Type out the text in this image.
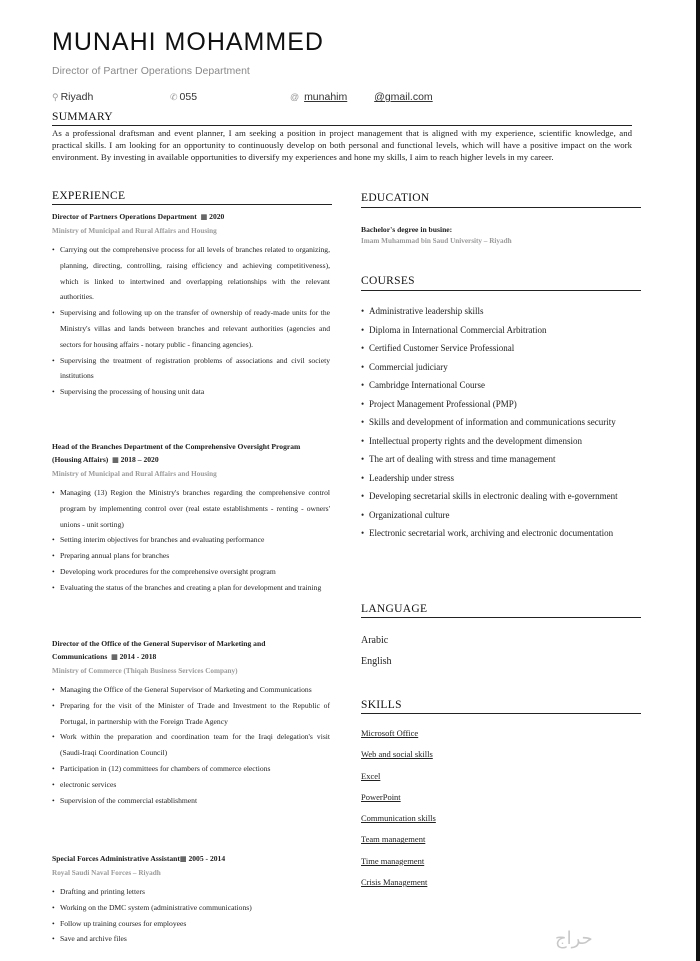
MUNAHI MOHAMMED
Director of Partner Operations Department
⚲ Riyadh	✆ 055	@ munahim	@gmail.com
SUMMARY
As a professional draftsman and event planner, I am seeking a position in project management that is aligned with my experience, scientific knowledge, and practical skills. I am looking for an opportunity to continuously develop on both personal and functional levels, which will have a positive impact on the work environment. By investing in available opportunities to diversify my experiences and hone my skills, I aim to reach higher levels in my career.
EXPERIENCE
Director of Partners Operations Department ▦ 2020
Ministry of Municipal and Rural Affairs and Housing
• Carrying out the comprehensive process for all levels of branches related to organizing, planning, directing, controlling, raising efficiency and achieving competitiveness), which is linked to intertwined and overlapping relationships with the relevant authorities.
• Supervising and following up on the transfer of ownership of ready-made units for the Ministry's villas and lands between branches and relevant authorities (agencies and sectors for housing affairs - notary public - financing agencies).
• Supervising the treatment of registration problems of associations and civil society institutions
• Supervising the processing of housing unit data
Head of the Branches Department of the Comprehensive Oversight Program (Housing Affairs) ▦ 2018 – 2020
Ministry of Municipal and Rural Affairs and Housing
• Managing (13) Region the Ministry's branches regarding the comprehensive control program by implementing control over (real estate establishments - renting - owners' unions - unit sorting)
• Setting interim objectives for branches and evaluating performance
• Preparing annual plans for branches
• Developing work procedures for the comprehensive oversight program
• Evaluating the status of the branches and creating a plan for development and training
Director of the Office of the General Supervisor of Marketing and Communications ▦ 2014 - 2018
Ministry of Commerce (Thiqah Business Services Company)
• Managing the Office of the General Supervisor of Marketing and Communications
• Preparing for the visit of the Minister of Trade and Investment to the Republic of Portugal, in partnership with the Foreign Trade Agency
• Work within the preparation and coordination team for the Iraqi delegation's visit (Saudi-Iraqi Coordination Council)
• Participation in (12) committees for chambers of commerce elections
• electronic services
• Supervision of the commercial establishment
Special Forces Administrative Assistant▦ 2005 - 2014
Royal Saudi Naval Forces – Riyadh
• Drafting and printing letters
• Working on the DMC system (administrative communications)
• Follow up training courses for employees
• Save and archive files
EDUCATION
Bachelor's degree in busine:
Imam Muhammad bin Saud University – Riyadh
COURSES
• Administrative leadership skills
• Diploma in International Commercial Arbitration
• Certified Customer Service Professional
• Commercial judiciary
• Cambridge International Course
• Project Management Professional (PMP)
• Skills and development of information and communications security
• Intellectual property rights and the development dimension
• The art of dealing with stress and time management
• Leadership under stress
• Developing secretarial skills in electronic dealing with e-government
• Organizational culture
• Electronic secretarial work, archiving and electronic documentation
LANGUAGE
Arabic
English
SKILLS
Microsoft Office
Web and social skills
Excel
PowerPoint
Communication skills
Team management
Time management
Crisis Management
حراج
